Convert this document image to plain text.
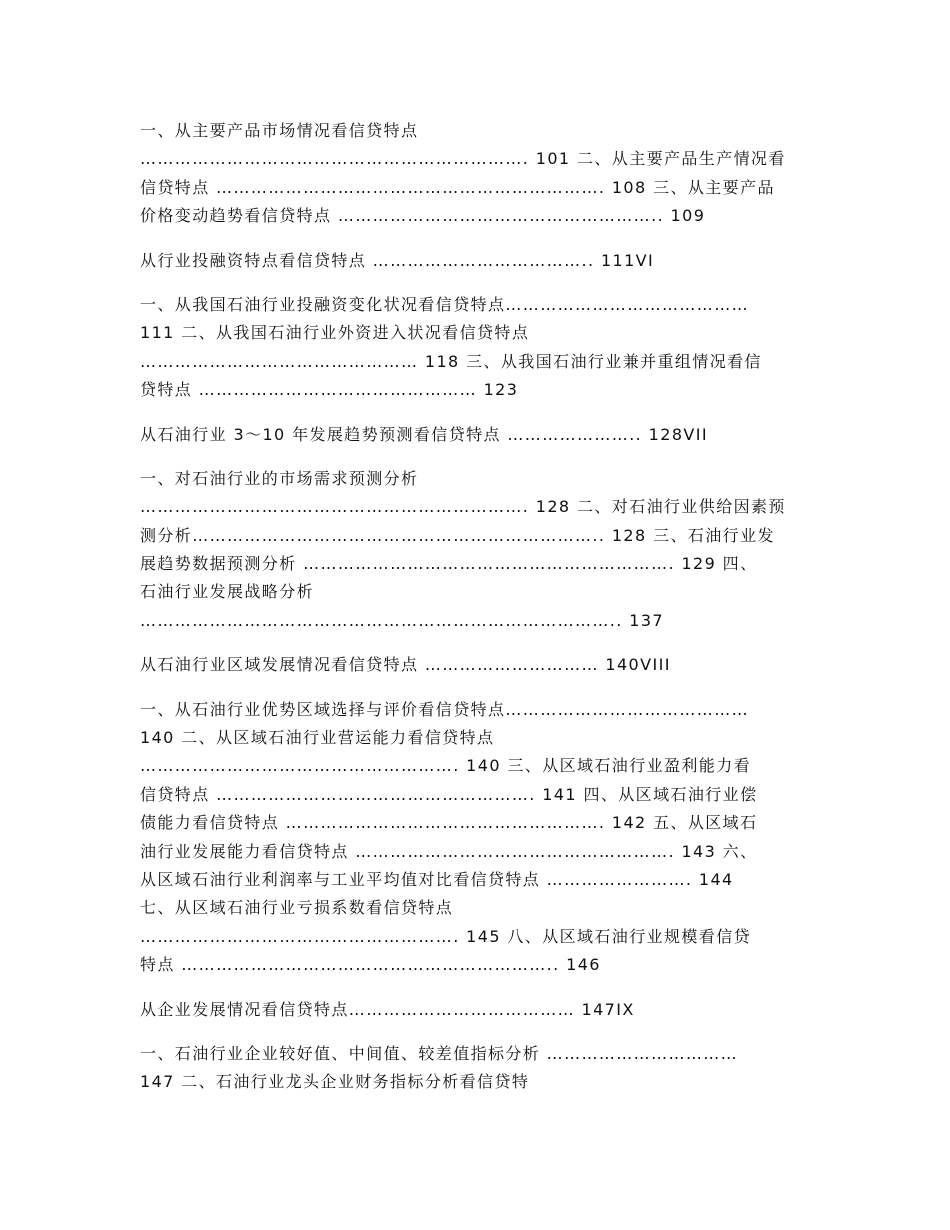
一、从主要产品市场情况看信贷特点
…………………………………………………………. 101 二、从主要产品生产情况看
信贷特点 …………………………………………………………. 108 三、从主要产品
价格变动趋势看信贷特点 ……………………………………………….. 109
从行业投融资特点看信贷特点 ……………………………….. 111VI
一、从我国石油行业投融资变化状况看信贷特点……………………………………
111 二、从我国石油行业外资进入状况看信贷特点
………………………………………… 118 三、从我国石油行业兼并重组情况看信
贷特点 ………………………………………… 123
从石油行业 3～10 年发展趋势预测看信贷特点 ………………….. 128VII
一、对石油行业的市场需求预测分析
…………………………………………………………. 128 二、对石油行业供给因素预
测分析…………………………………………………………….. 128 三、石油行业发
展趋势数据预测分析 ………………………………………………………. 129 四、
石油行业发展战略分析
……………………………………………………………………….. 137
从石油行业区域发展情况看信贷特点 ………………………… 140VIII
一、从石油行业优势区域选择与评价看信贷特点……………………………………
140 二、从区域石油行业营运能力看信贷特点
………………………………………………. 140 三、从区域石油行业盈利能力看
信贷特点 ………………………………………………. 141 四、从区域石油行业偿
债能力看信贷特点 ………………………………………………. 142 五、从区域石
油行业发展能力看信贷特点 ………………………………………………. 143 六、
从区域石油行业利润率与工业平均值对比看信贷特点 ……………………. 144
七、从区域石油行业亏损系数看信贷特点
………………………………………………. 145 八、从区域石油行业规模看信贷
特点 ……………………………………………………….. 146
从企业发展情况看信贷特点………………………………… 147IX
一、石油行业企业较好值、中间值、较差值指标分析 ……………………………
147 二、石油行业龙头企业财务指标分析看信贷特
